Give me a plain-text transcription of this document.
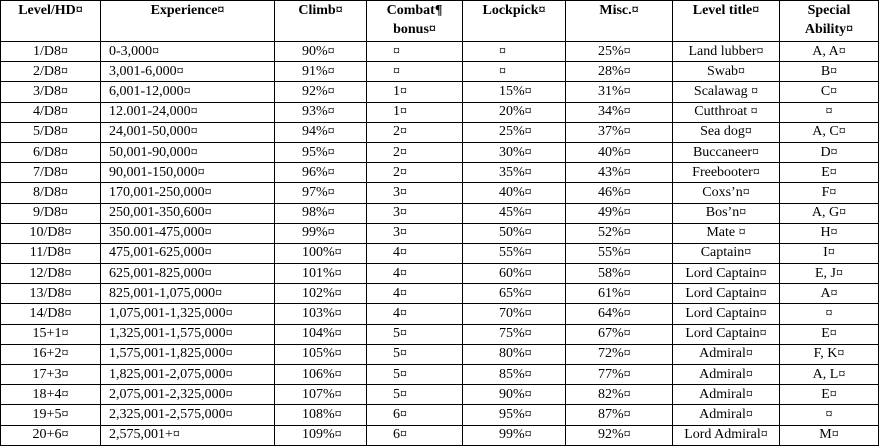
Level/HD¤	Experience¤	Climb¤	Combat¶
bonus¤	Lockpick¤	Misc.¤	Level title¤	Special
Ability¤

1/D8¤	0-3,000¤	90%¤	¤	¤	25%¤	Land lubber¤	A, A¤
2/D8¤	3,001-6,000¤	91%¤	¤	¤	28%¤	Swab¤	B¤
3/D8¤	6,001-12,000¤	92%¤	1¤	15%¤	31%¤	Scalawag ¤	C¤
4/D8¤	12.001-24,000¤	93%¤	1¤	20%¤	34%¤	Cutthroat ¤	¤
5/D8¤	24,001-50,000¤	94%¤	2¤	25%¤	37%¤	Sea dog¤	A, C¤
6/D8¤	50,001-90,000¤	95%¤	2¤	30%¤	40%¤	Buccaneer¤	D¤
7/D8¤	90,001-150,000¤	96%¤	2¤	35%¤	43%¤	Freebooter¤	E¤
8/D8¤	170,001-250,000¤	97%¤	3¤	40%¤	46%¤	Coxs’n¤	F¤
9/D8¤	250,001-350,600¤	98%¤	3¤	45%¤	49%¤	Bos’n¤	A, G¤
10/D8¤	350.001-475,000¤	99%¤	3¤	50%¤	52%¤	Mate ¤	H¤
11/D8¤	475,001-625,000¤	100%¤	4¤	55%¤	55%¤	Captain¤	I¤
12/D8¤	625,001-825,000¤	101%¤	4¤	60%¤	58%¤	Lord Captain¤	E, J¤
13/D8¤	825,001-1,075,000¤	102%¤	4¤	65%¤	61%¤	Lord Captain¤	A¤
14/D8¤	1,075,001-1,325,000¤	103%¤	4¤	70%¤	64%¤	Lord Captain¤	¤
15+1¤	1,325,001-1,575,000¤	104%¤	5¤	75%¤	67%¤	Lord Captain¤	E¤
16+2¤	1,575,001-1,825,000¤	105%¤	5¤	80%¤	72%¤	Admiral¤	F, K¤
17+3¤	1,825,001-2,075,000¤	106%¤	5¤	85%¤	77%¤	Admiral¤	A, L¤
18+4¤	2,075,001-2,325,000¤	107%¤	5¤	90%¤	82%¤	Admiral¤	E¤
19+5¤	2,325,001-2,575,000¤	108%¤	6¤	95%¤	87%¤	Admiral¤	¤
20+6¤	2,575,001+¤	109%¤	6¤	99%¤	92%¤	Lord Admiral¤	M¤
